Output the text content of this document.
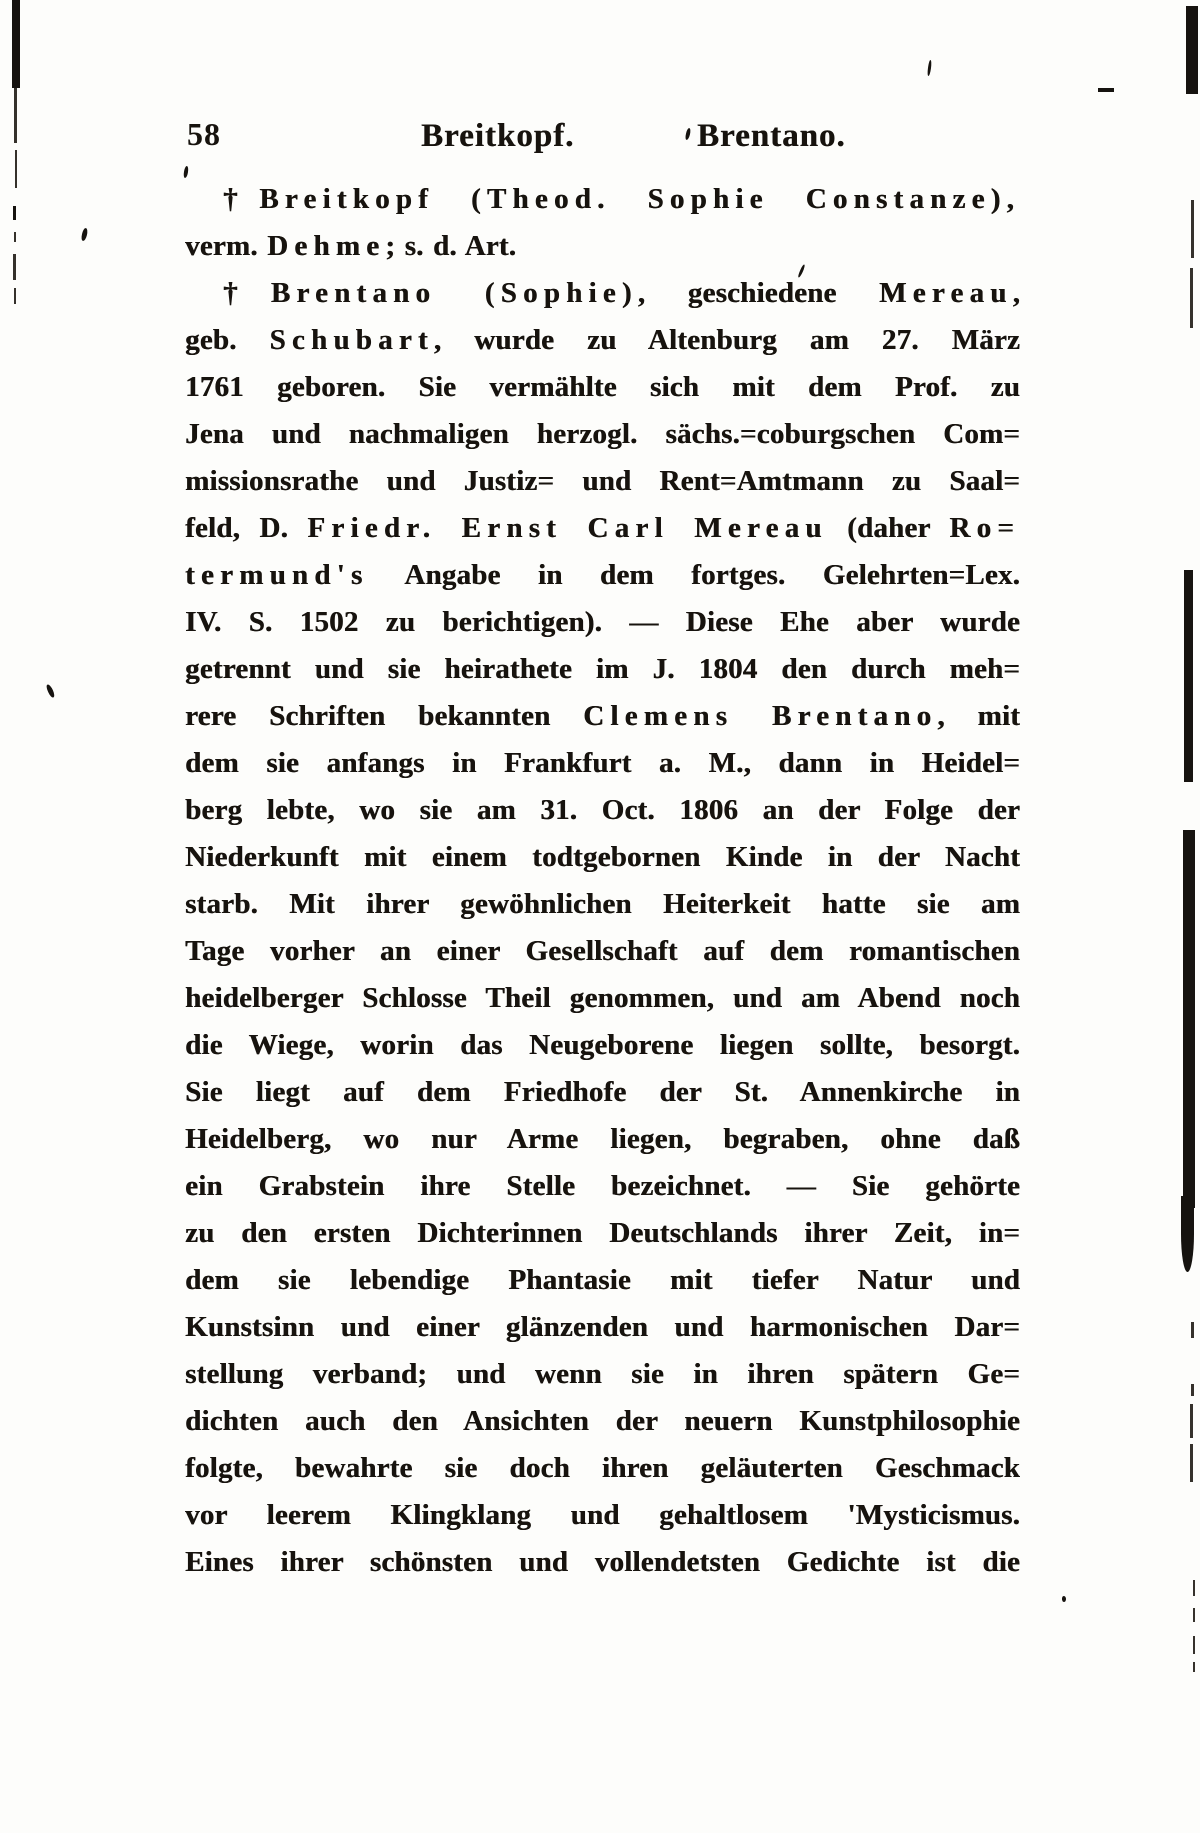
58	Breitkopf.	Brentano.
†Breitkopf (Theod. Sophie Constanze),
verm. Dehme; s. d. Art.
†Brentano (Sophie), geschiedene Mereau,
geb. Schubart, wurde zu Altenburg am 27. März
1761 geboren. Sie vermählte sich mit dem Prof. zu
Jena und nachmaligen herzogl. sächs.=coburgschen Com=
missionsrathe und Justiz= und Rent=Amtmann zu Saal=
feld, D. Friedr. Ernst Carl Mereau (daher Ro=
termund's Angabe in dem fortges. Gelehrten=Lex.
IV. S. 1502 zu berichtigen). — Diese Ehe aber wurde
getrennt und sie heirathete im J. 1804 den durch meh=
rere Schriften bekannten Clemens Brentano, mit
dem sie anfangs in Frankfurt a. M., dann in Heidel=
berg lebte, wo sie am 31. Oct. 1806 an der Folge der
Niederkunft mit einem todtgebornen Kinde in der Nacht
starb. Mit ihrer gewöhnlichen Heiterkeit hatte sie am
Tage vorher an einer Gesellschaft auf dem romantischen
heidelberger Schlosse Theil genommen, und am Abend noch
die Wiege, worin das Neugeborene liegen sollte, besorgt.
Sie liegt auf dem Friedhofe der St. Annenkirche in
Heidelberg, wo nur Arme liegen, begraben, ohne daß
ein Grabstein ihre Stelle bezeichnet. — Sie gehörte
zu den ersten Dichterinnen Deutschlands ihrer Zeit, in=
dem sie lebendige Phantasie mit tiefer Natur und
Kunstsinn und einer glänzenden und harmonischen Dar=
stellung verband; und wenn sie in ihren spätern Ge=
dichten auch den Ansichten der neuern Kunstphilosophie
folgte, bewahrte sie doch ihren geläuterten Geschmack
vor leerem Klingklang und gehaltlosem 'Mysticismus.
Eines ihrer schönsten und vollendetsten Gedichte ist die
